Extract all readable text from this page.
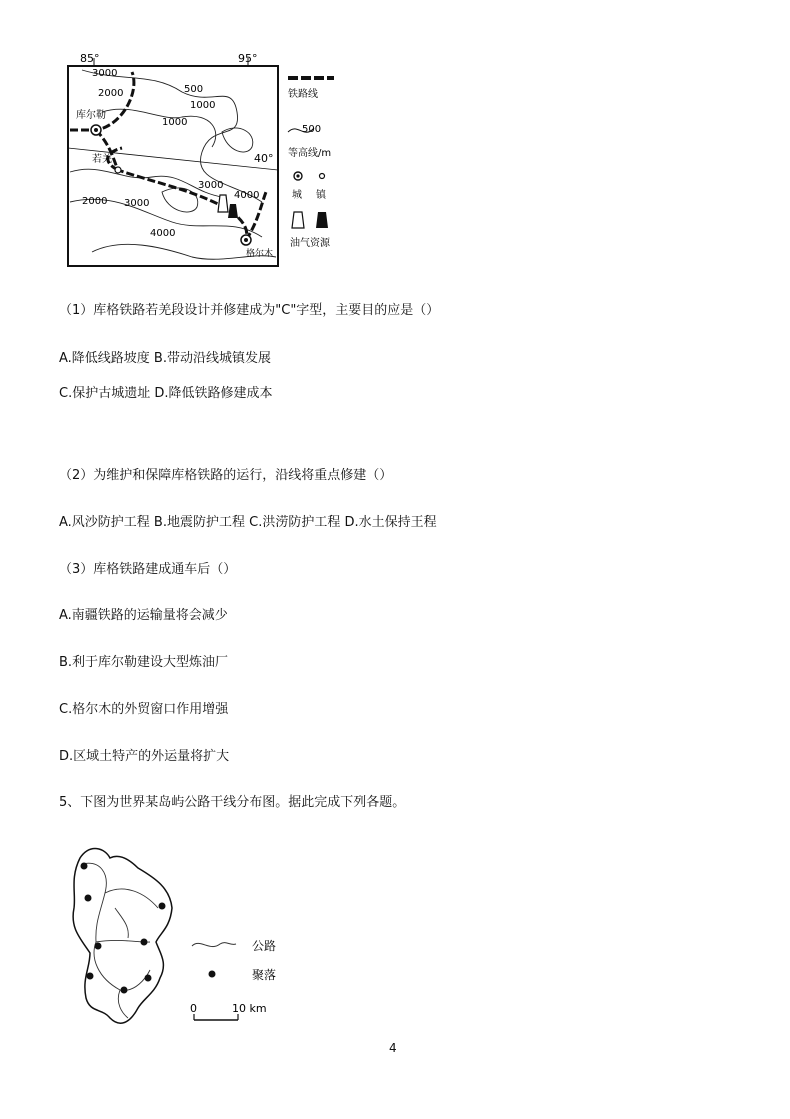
85°	95°
40°
3000
2000	500
1000
1000
3000
4000
2000 3000
4000
库尔勒
若羌
格尔木
铁路线
500
等高线/m
城 镇
油气资源
（1）库格铁路若羌段设计并修建成为"C"字型，主要目的应是（）
A.降低线路坡度 B.带动沿线城镇发展
C.保护古城遗址 D.降低铁路修建成本
（2）为维护和保障库格铁路的运行，沿线将重点修建（）
A.风沙防护工程 B.地震防护工程 C.洪涝防护工程 D.水土保持王程
（3）库格铁路建成通车后（）
A.南疆铁路的运输量将会减少
B.利于库尔勒建设大型炼油厂
C.格尔木的外贸窗口作用增强
D.区域土特产的外运量将扩大
5、下图为世界某岛屿公路干线分布图。据此完成下列各题。
公路
聚落
0	10 km
4
